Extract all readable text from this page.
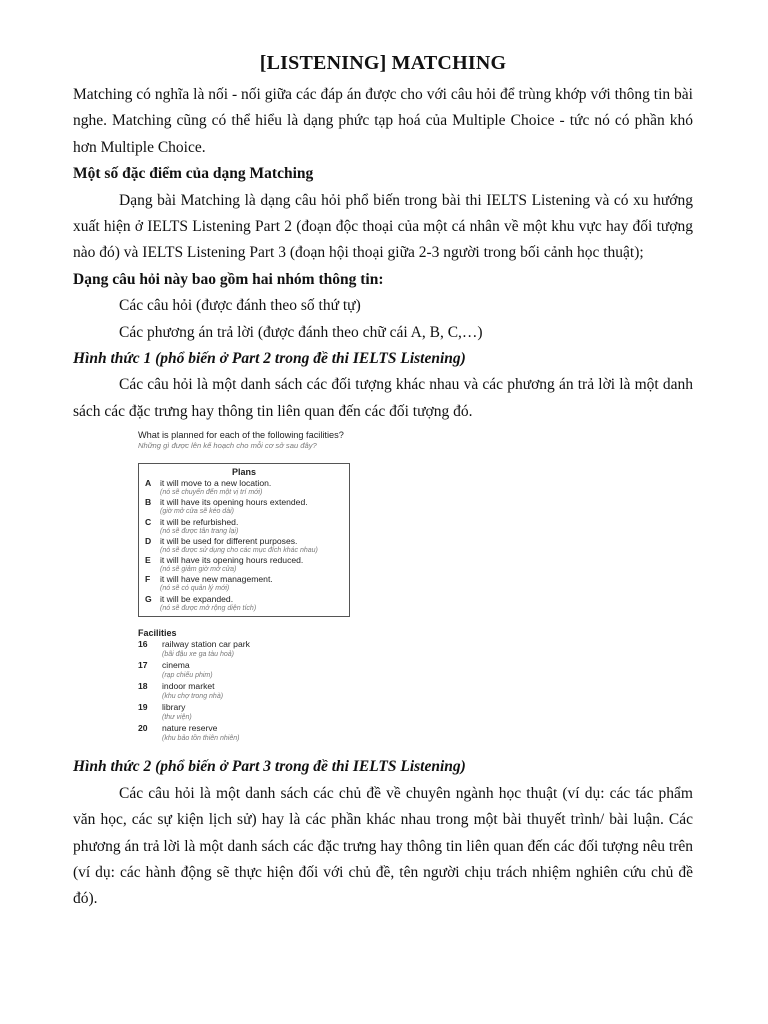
[LISTENING] MATCHING

Matching có nghĩa là nối - nối giữa các đáp án được cho với câu hỏi để trùng khớp với thông tin bài nghe. Matching cũng có thể hiểu là dạng phức tạp hoá của Multiple Choice - tức nó có phần khó hơn Multiple Choice.

Một số đặc điểm của dạng Matching

Dạng bài Matching là dạng câu hỏi phổ biến trong bài thi IELTS Listening và có xu hướng xuất hiện ở IELTS Listening Part 2 (đoạn độc thoại của một cá nhân về một khu vực hay đối tượng nào đó) và IELTS Listening Part 3 (đoạn hội thoại giữa 2-3 người trong bối cảnh học thuật);

Dạng câu hỏi này bao gồm hai nhóm thông tin:

Các câu hỏi (được đánh theo số thứ tự)

Các phương án trả lời (được đánh theo chữ cái A, B, C,…)

Hình thức 1 (phổ biến ở Part 2 trong đề thi IELTS Listening)

Các câu hỏi là một danh sách các đối tượng khác nhau và các phương án trả lời là một danh sách các đặc trưng hay thông tin liên quan đến các đối tượng đó.

What is planned for each of the following facilities?
Những gì được lên kế hoạch cho mỗi cơ sở sau đây?
Plans
A it will move to a new location.
(nó sẽ chuyển đến một vị trí mới)
B it will have its opening hours extended.
(giờ mở cửa sẽ kéo dài)
C it will be refurbished.
(nó sẽ được tân trang lại)
D it will be used for different purposes.
(nó sẽ được sử dụng cho các mục đích khác nhau)
E it will have its opening hours reduced.
(nó sẽ giảm giờ mở cửa)
F it will have new management.
(nó sẽ có quản lý mới)
G it will be expanded.
(nó sẽ được mở rộng diện tích)
Facilities
16 railway station car park
(bãi đậu xe ga tàu hoả)
17 cinema
(rạp chiếu phim)
18 indoor market
(khu chợ trong nhà)
19 library
(thư viện)
20 nature reserve
(khu bảo tồn thiên nhiên)

Hình thức 2 (phổ biến ở Part 3 trong đề thi IELTS Listening)

Các câu hỏi là một danh sách các chủ đề về chuyên ngành học thuật (ví dụ: các tác phẩm văn học, các sự kiện lịch sử) hay là các phần khác nhau trong một bài thuyết trình/ bài luận. Các phương án trả lời là một danh sách các đặc trưng hay thông tin liên quan đến các đối tượng nêu trên (ví dụ: các hành động sẽ thực hiện đối với chủ đề, tên người chịu trách nhiệm nghiên cứu chủ đề đó).
